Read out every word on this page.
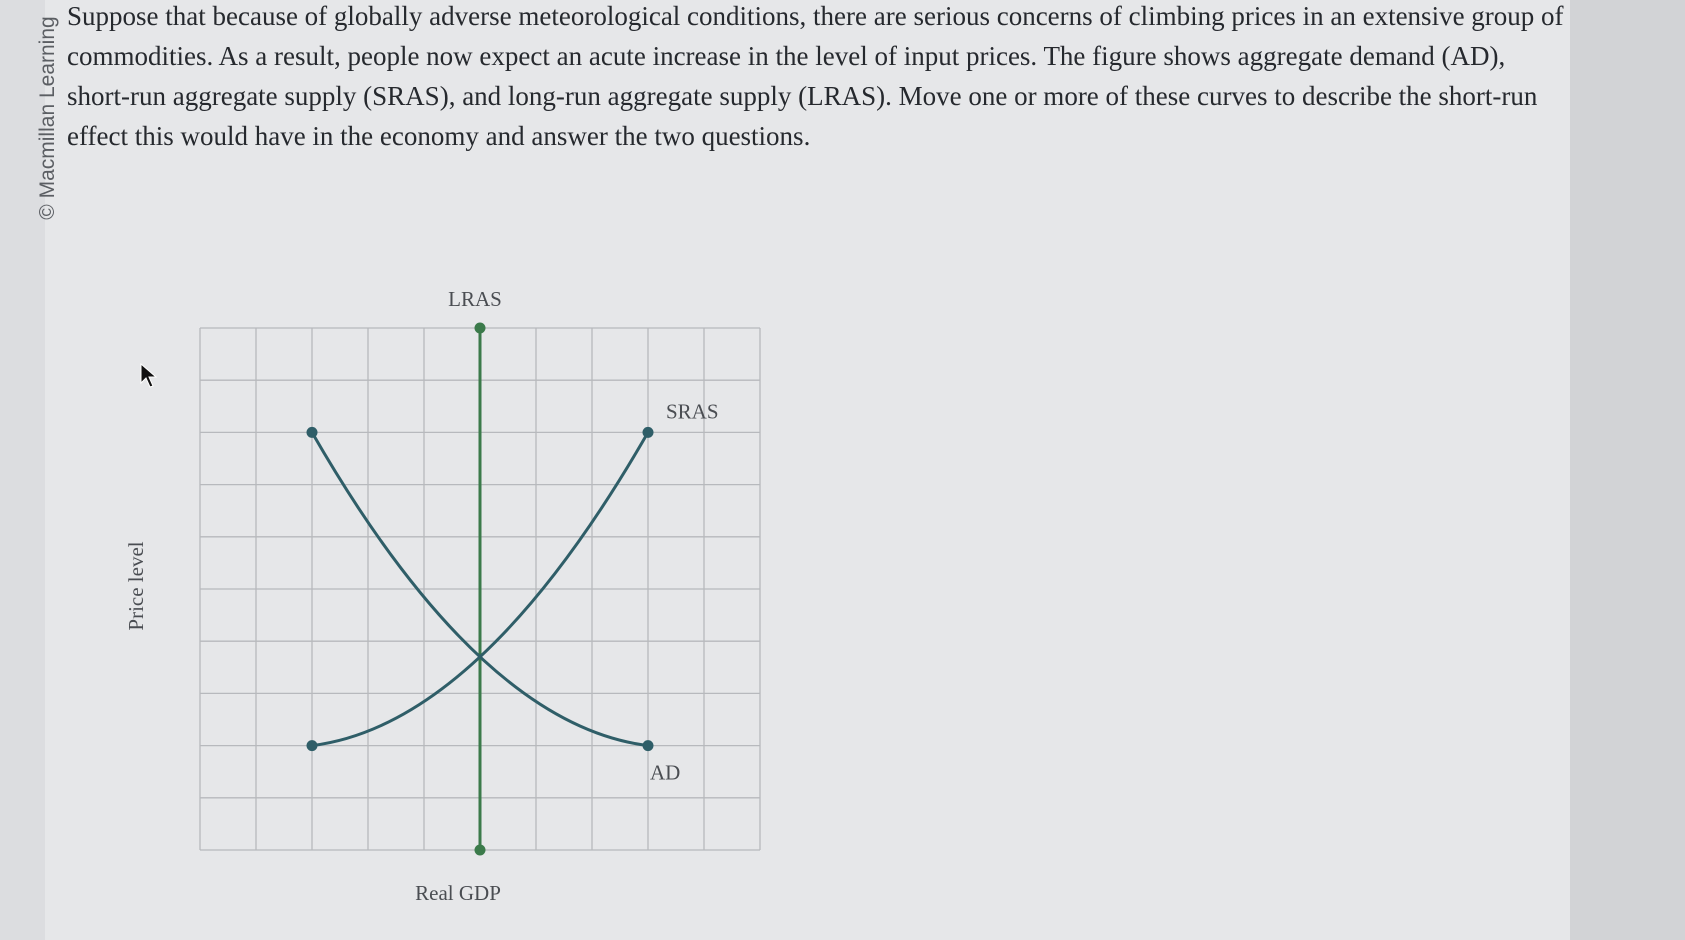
© Macmillan Learning

Suppose that because of globally adverse meteorological conditions, there are serious concerns of climbing prices in an extensive group of commodities. As a result, people now expect an acute increase in the level of input prices. The figure shows aggregate demand (AD), short-run aggregate supply (SRAS), and long-run aggregate supply (LRAS). Move one or more of these curves to describe the short-run effect this would have in the economy and answer the two questions.

LRAS
SRAS
AD
Real GDP
Price level
